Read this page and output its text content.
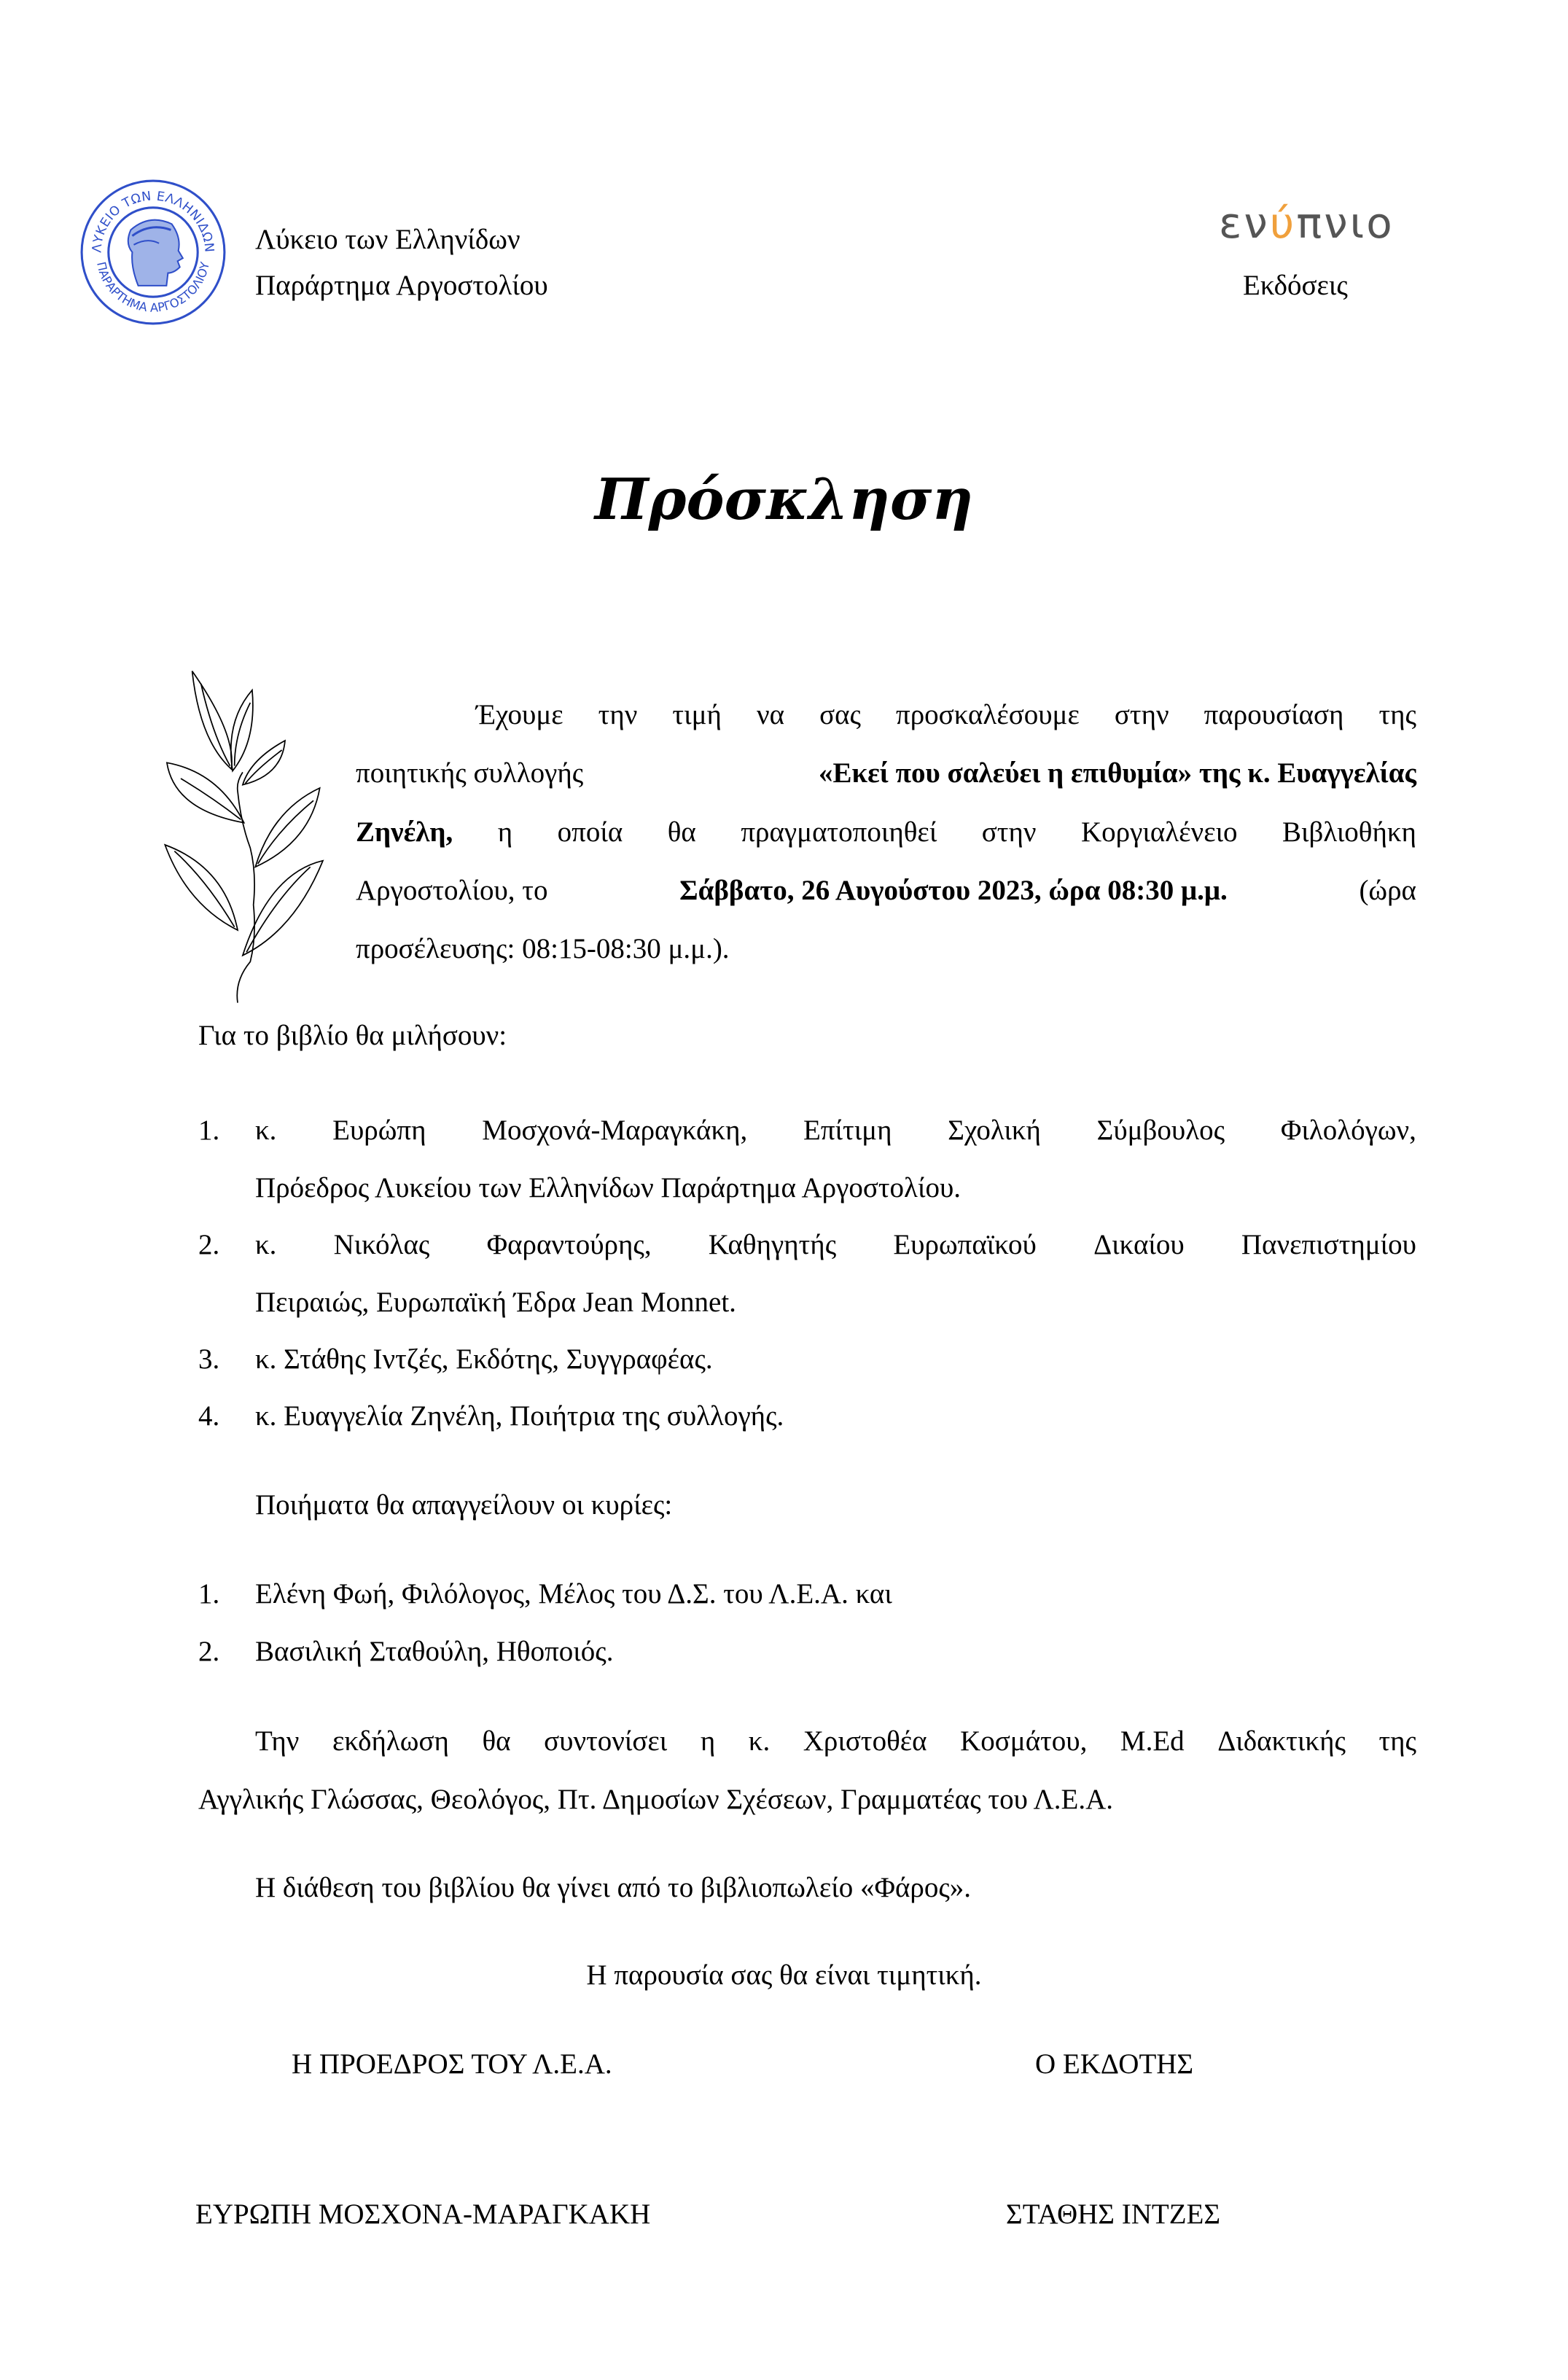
ΛΥΚΕΙΟ ΤΩΝ ΕΛΛΗΝΙΔΩΝ
ΠΑΡΑΡΤΗΜΑ ΑΡΓΟΣΤΟΛΙΟΥ
Λύκειο των Ελληνίδων
Παράρτημα Αργοστολίου
ενύπνιο
Εκδόσεις
Πρόσκληση
Έχουμε την τιμή να σας προσκαλέσουμε στην παρουσίαση της
ποιητικής συλλογής	«Εκεί που σαλεύει η επιθυμία» της κ. Ευαγγελίας
Ζηνέλη, η οποία θα πραγματοποιηθεί στην Κοργιαλένειο Βιβλιοθήκη
Αργοστολίου, το	Σάββατο, 26 Αυγούστου 2023, ώρα 08:30 μ.μ.	(ώρα
προσέλευσης: 08:15-08:30 μ.μ.).
Για το βιβλίο θα μιλήσουν:
1. κ. Ευρώπη Μοσχονά-Μαραγκάκη, Επίτιμη Σχολική Σύμβουλος Φιλολόγων,
Πρόεδρος Λυκείου των Ελληνίδων Παράρτημα Αργοστολίου.
2. κ. Νικόλας Φαραντούρης, Καθηγητής Ευρωπαϊκού Δικαίου Πανεπιστημίου
Πειραιώς, Ευρωπαϊκή Έδρα Jean Monnet.
3. κ. Στάθης Ιντζές, Εκδότης, Συγγραφέας.
4. κ. Ευαγγελία Ζηνέλη, Ποιήτρια της συλλογής.
Ποιήματα θα απαγγείλουν οι κυρίες:
1. Ελένη Φωή, Φιλόλογος, Μέλος του Δ.Σ. του Λ.Ε.Α. και
2. Βασιλική Σταθούλη, Ηθοποιός.
Την εκδήλωση θα συντονίσει η κ. Χριστοθέα Κοσμάτου, M.Ed Διδακτικής της
Αγγλικής Γλώσσας, Θεολόγος, Πτ. Δημοσίων Σχέσεων, Γραμματέας του Λ.Ε.Α.
Η διάθεση του βιβλίου θα γίνει από το βιβλιοπωλείο «Φάρος».
Η παρουσία σας θα είναι τιμητική.
Η ΠΡΟΕΔΡΟΣ ΤΟΥ Λ.Ε.Α.	Ο ΕΚΔΟΤΗΣ
ΕΥΡΩΠΗ ΜΟΣΧΟΝΑ-ΜΑΡΑΓΚΑΚΗ	ΣΤΑΘΗΣ ΙΝΤΖΕΣ
